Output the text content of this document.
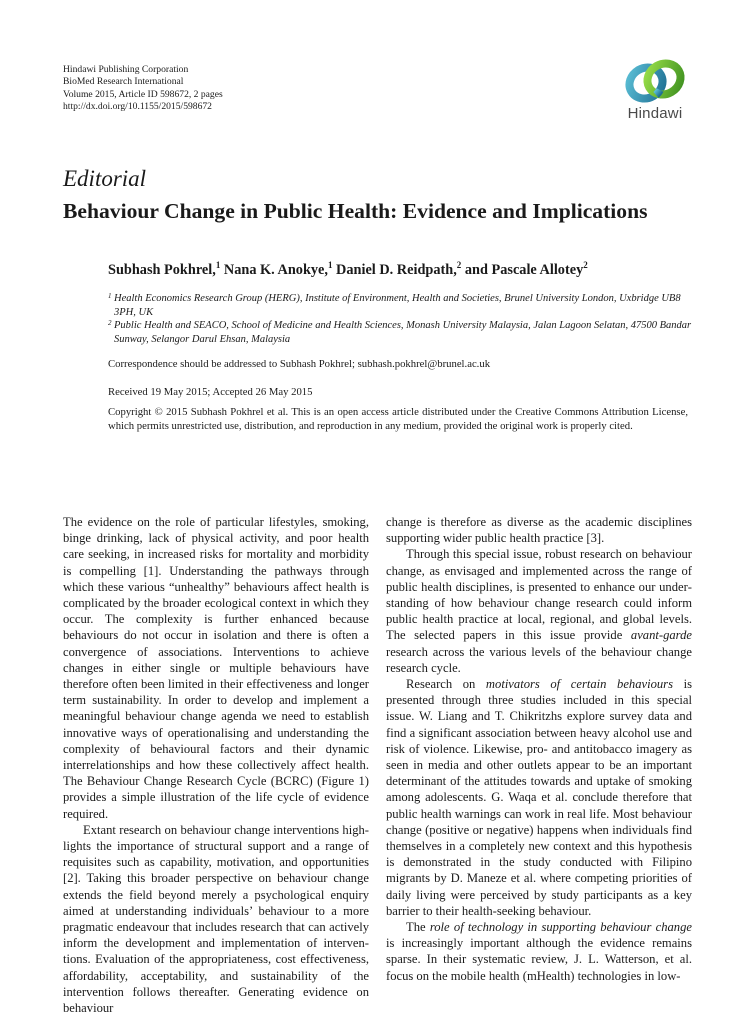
Hindawi Publishing Corporation
BioMed Research International
Volume 2015, Article ID 598672, 2 pages
http://dx.doi.org/10.1155/2015/598672	Hindawi
Editorial
Behaviour Change in Public Health: Evidence and Implications
Subhash Pokhrel,$^1$ Nana K. Anokye,$^1$ Daniel D. Reidpath,$^2$ and Pascale Allotey$^2$
1 Health Economics Research Group (HERG), Institute of Environment, Health and Societies, Brunel University London, Uxbridge UB8 3PH, UK
2 Public Health and SEACO, School of Medicine and Health Sciences, Monash University Malaysia, Jalan Lagoon Selatan, 47500 Bandar Sunway, Selangor Darul Ehsan, Malaysia
Correspondence should be addressed to Subhash Pokhrel; subhash.pokhrel@brunel.ac.uk
Received 19 May 2015; Accepted 26 May 2015
Copyright © 2015 Subhash Pokhrel et al. This is an open access article distributed under the Creative Commons Attribution License, which permits unrestricted use, distribution, and reproduction in any medium, provided the original work is properly cited.

The evidence on the role of particular lifestyles, smoking, binge drinking, lack of physical activity, and poor health care seeking, in increased risks for mortality and morbidity is compelling [1]. Understanding the pathways through which these various “unhealthy” behaviours affect health is complicated by the broader ecological context in which they occur. The complexity is further enhanced because behaviours do not occur in isolation and there is often a convergence of associations. Interventions to achieve changes in either single or multiple behaviours have therefore often been limited in their effectiveness and longer term sustainability. In order to develop and implement a meaningful behaviour change agenda we need to establish innovative ways of operationalising and understanding the complexity of behavioural factors and their dynamic interrelationships and how these collectively affect health. The Behaviour Change Research Cycle (BCRC) (Figure 1) provides a simple illustration of the life cycle of evidence required.

Extant research on behaviour change interventions highlights the importance of structural support and a range of requisites such as capability, motivation, and opportunities [2]. Taking this broader perspective on behaviour change extends the field beyond merely a psychological enquiry aimed at understanding individuals’ behaviour to a more pragmatic endeavour that includes research that can actively inform the development and implementation of interventions. Evaluation of the appropriateness, cost effectiveness, affordability, acceptability, and sustainability of the intervention follows thereafter. Generating evidence on behaviour

change is therefore as diverse as the academic disciplines supporting wider public health practice [3].

Through this special issue, robust research on behaviour change, as envisaged and implemented across the range of public health disciplines, is presented to enhance our understanding of how behaviour change research could inform public health practice at local, regional, and global levels. The selected papers in this issue provide avant-garde research across the various levels of the behaviour change research cycle.

Research on motivators of certain behaviours is presented through three studies included in this special issue. W. Liang and T. Chikritzhs explore survey data and find a significant association between heavy alcohol use and risk of violence. Likewise, pro- and antitobacco imagery as seen in media and other outlets appear to be an important determinant of the attitudes towards and uptake of smoking among adolescents. G. Waqa et al. conclude therefore that public health warnings can work in real life. Most behaviour change (positive or negative) happens when individuals find themselves in a completely new context and this hypothesis is demonstrated in the study conducted with Filipino migrants by D. Maneze et al. where competing priorities of daily living were perceived by study participants as a key barrier to their health-seeking behaviour.

The role of technology in supporting behaviour change is increasingly important although the evidence remains sparse. In their systematic review, J. L. Watterson, et al. focus on the mobile health (mHealth) technologies in low-
